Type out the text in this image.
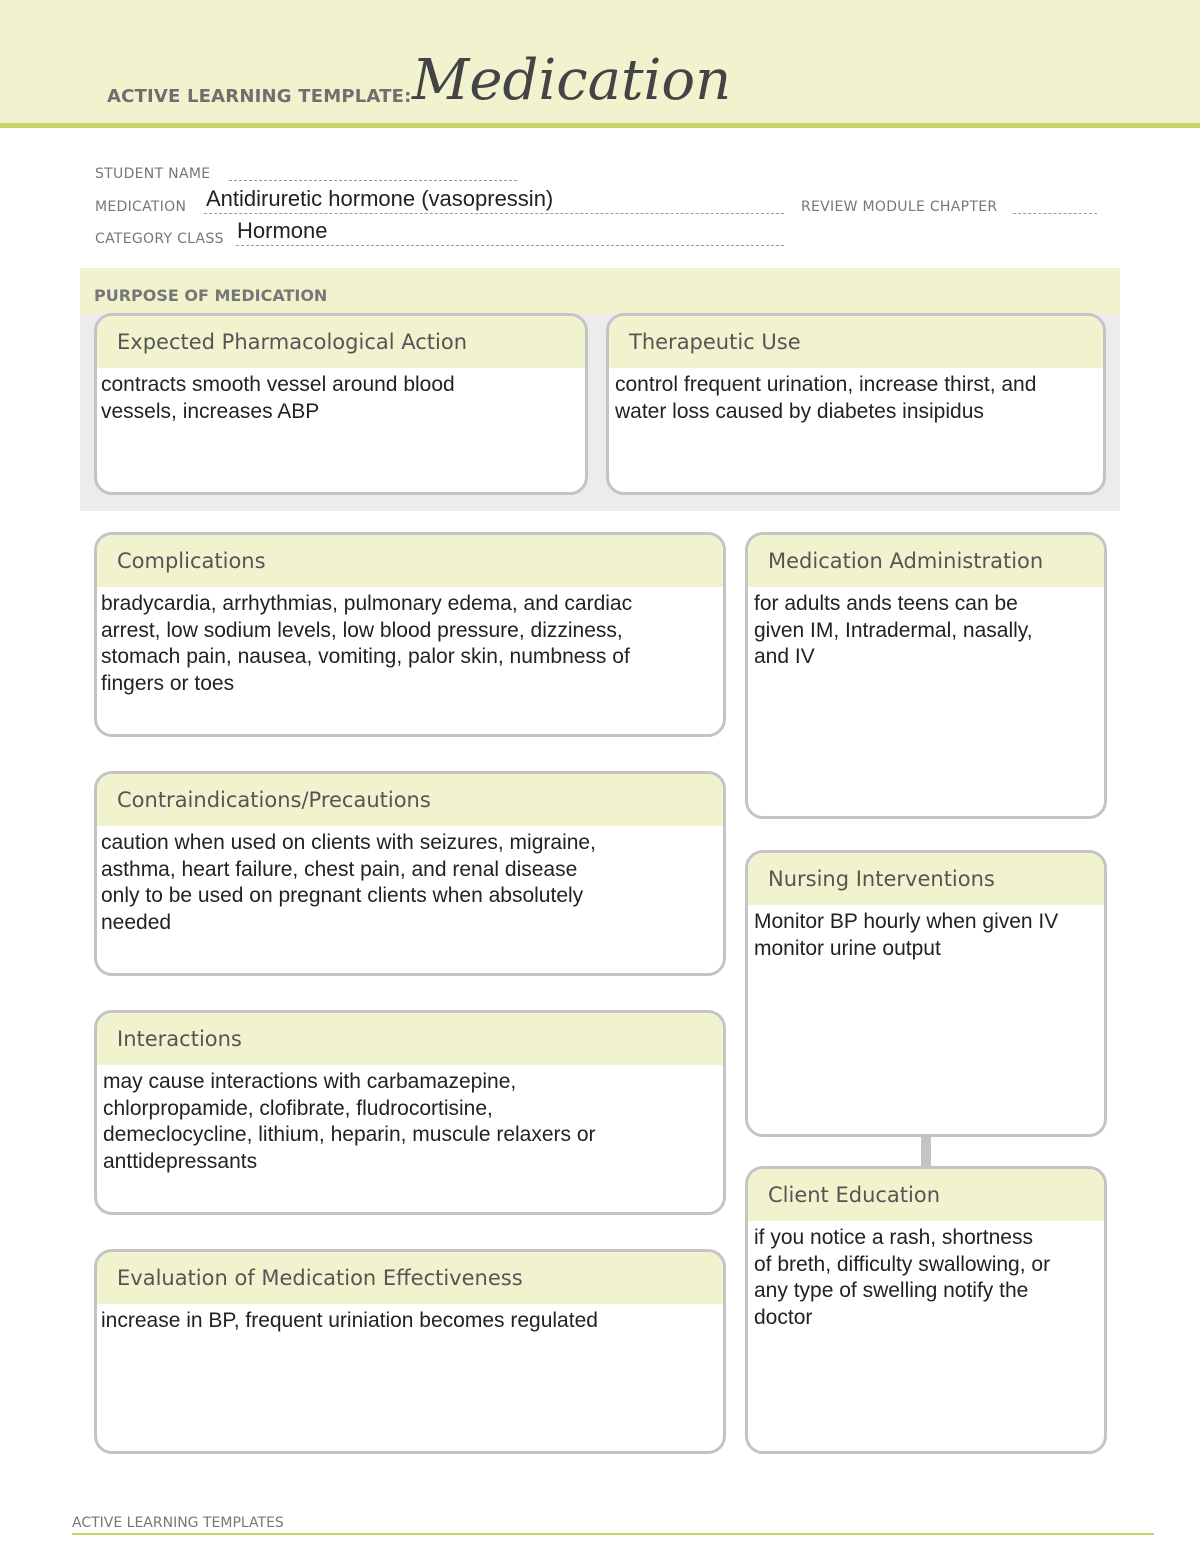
ACTIVE LEARNING TEMPLATE: Medication
STUDENT NAME
MEDICATION Antidiruretic hormone (vasopressin)	REVIEW MODULE CHAPTER
CATEGORY CLASS Hormone
PURPOSE OF MEDICATION
Expected Pharmacological Action
contracts smooth vessel around blood
vessels, increases ABP
Therapeutic Use
control frequent urination, increase thirst, and
water loss caused by diabetes insipidus
Complications
bradycardia, arrhythmias, pulmonary edema, and cardiac
arrest, low sodium levels, low blood pressure, dizziness,
stomach pain, nausea, vomiting, palor skin, numbness of
fingers or toes
Contraindications/Precautions
caution when used on clients with seizures, migraine,
asthma, heart failure, chest pain, and renal disease
only to be used on pregnant clients when absolutely
needed
Interactions
may cause interactions with carbamazepine,
chlorpropamide, clofibrate, fludrocortisine,
demeclocycline, lithium, heparin, muscule relaxers or
anttidepressants
Evaluation of Medication Effectiveness
increase in BP, frequent uriniation becomes regulated
Medication Administration
for adults ands teens can be
given IM, Intradermal, nasally,
and IV
Nursing Interventions
Monitor BP hourly when given IV
monitor urine output
Client Education
if you notice a rash, shortness
of breth, difficulty swallowing, or
any type of swelling notify the
doctor
ACTIVE LEARNING TEMPLATES
